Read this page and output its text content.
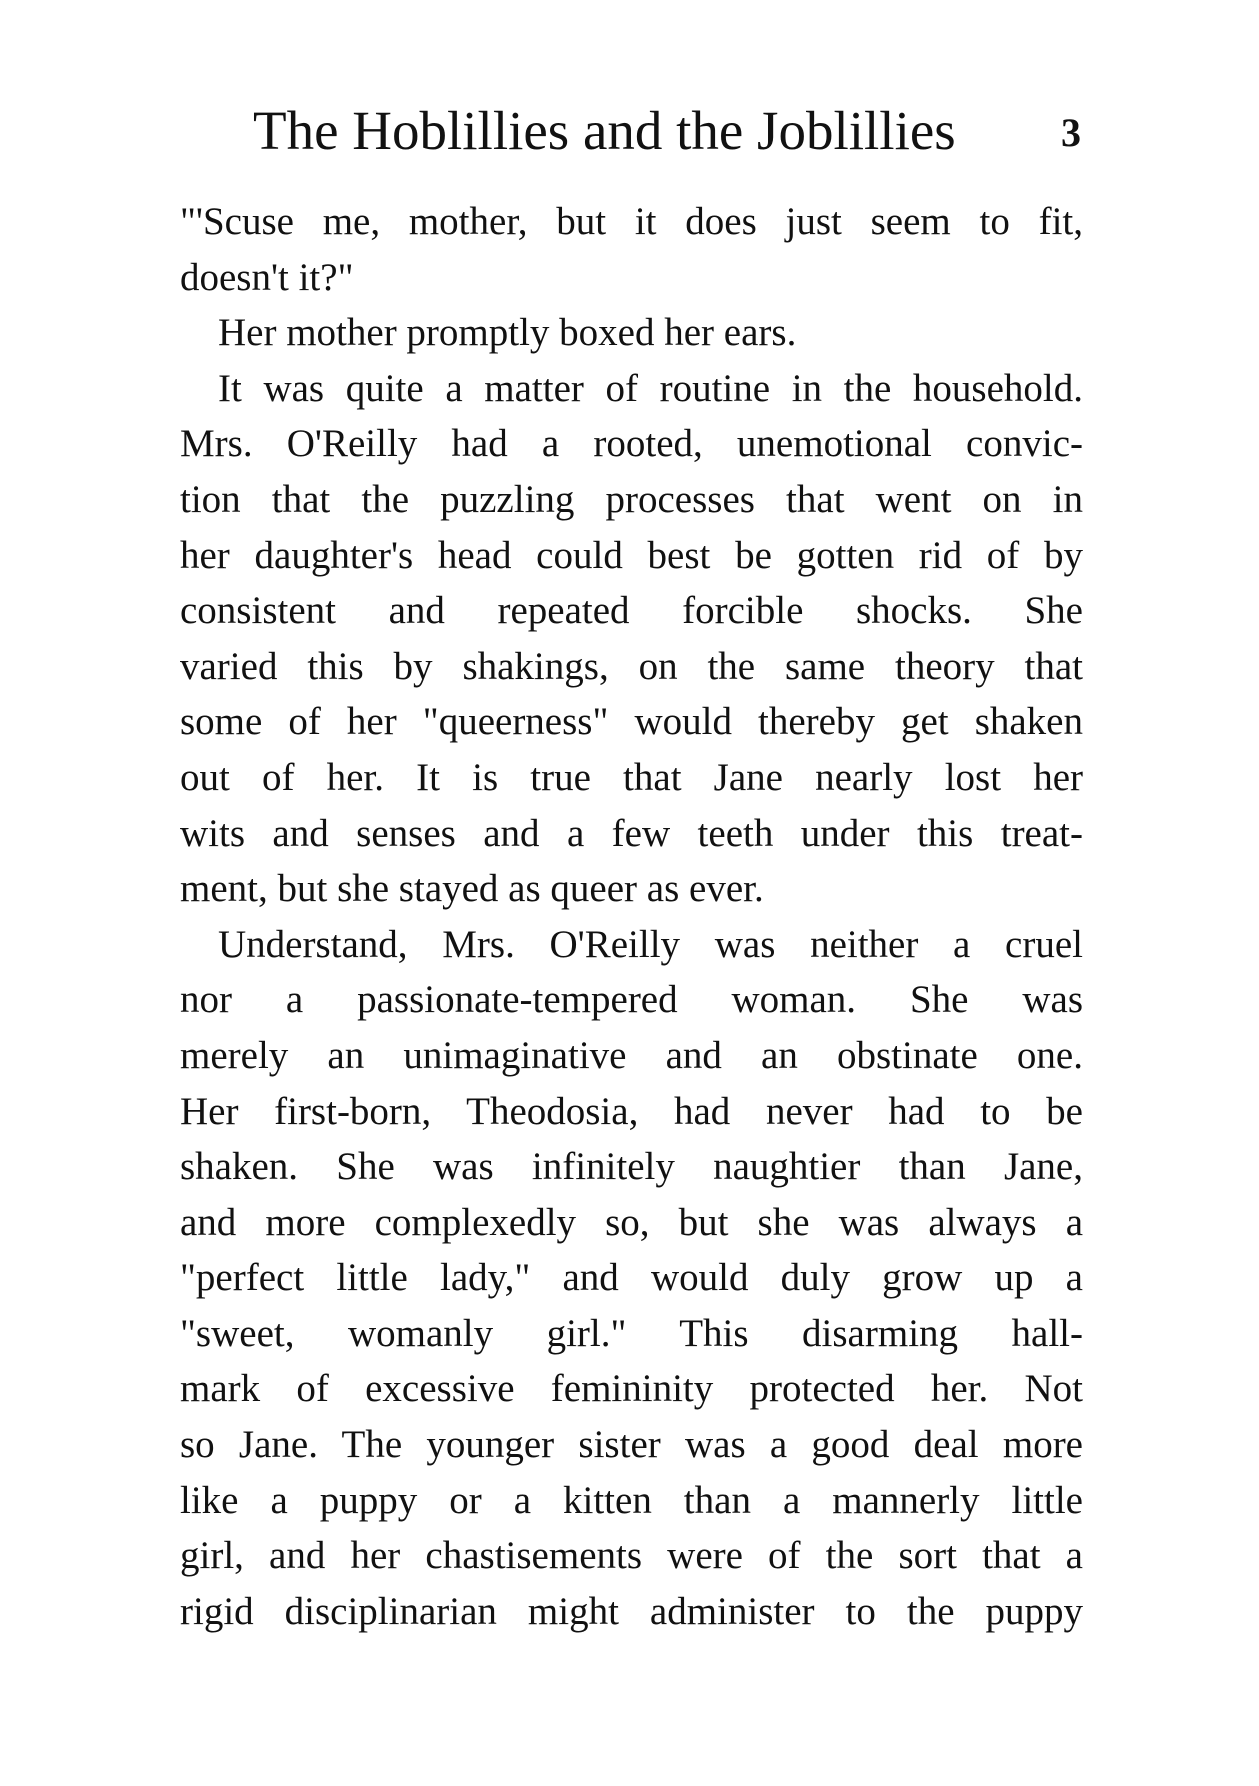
The Hoblillies and the Joblillies	3
"'Scuse me, mother, but it does just seem to fit,
doesn't it?"
Her mother promptly boxed her ears.
It was quite a matter of routine in the household.
Mrs. O'Reilly had a rooted, unemotional convic-
tion that the puzzling processes that went on in
her daughter's head could best be gotten rid of by
consistent and repeated forcible shocks. She
varied this by shakings, on the same theory that
some of her "queerness" would thereby get shaken
out of her. It is true that Jane nearly lost her
wits and senses and a few teeth under this treat-
ment, but she stayed as queer as ever.
Understand, Mrs. O'Reilly was neither a cruel
nor a passionate-tempered woman. She was
merely an unimaginative and an obstinate one.
Her first-born, Theodosia, had never had to be
shaken. She was infinitely naughtier than Jane,
and more complexedly so, but she was always a
"perfect little lady," and would duly grow up a
"sweet, womanly girl." This disarming hall-
mark of excessive femininity protected her. Not
so Jane. The younger sister was a good deal more
like a puppy or a kitten than a mannerly little
girl, and her chastisements were of the sort that a
rigid disciplinarian might administer to the puppy
